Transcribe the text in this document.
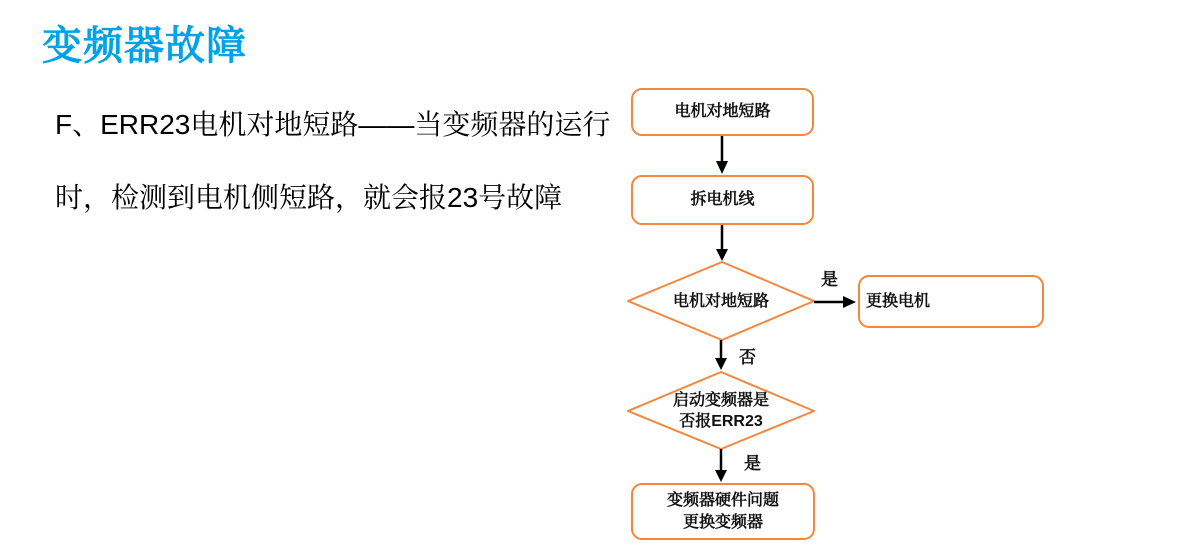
变频器故障

F、ERR23电机对地短路——当变频器的运行

时，检测到电机侧短路，就会报23号故障

电机对地短路
拆电机线
电机对地短路
是
更换电机
否
启动变频器是
否报ERR23
是
变频器硬件问题
更换变频器
